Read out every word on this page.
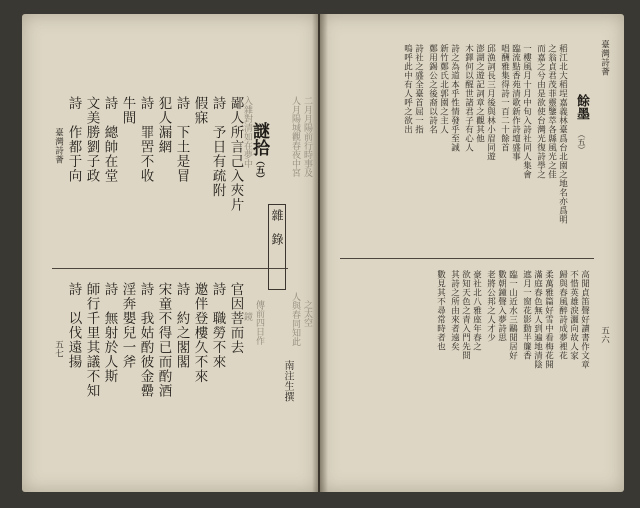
臺灣詩薈
五七
詩　作都于向 文美勝劉子政 詩　總帥在堂 牛間 詩　罪罟不收 犯人漏網 詩　下土是冒 假寐 詩　予日有疏附 鄙人所言己入夾片
詩　以伐遠揚 師行千里其議不知 詩　無射於人斯 淫奔嬰兒一斧 詩　我姑酌彼金罍 宋童不得已而酌酒 詩　約之閣閣 邀伴登樓久不來 詩　職勞不來 官因菩而去
謎拾（五）
雜錄
南注生撰
人月陽城觀春夜中宮 二月月陽前行時事及
入雜對清如在夢中
人與春同知此 之太空
鏡 傳前四日作
臺灣詩薈
五六
餘墨
（五）
稻江北大稻埕嘉義林臺爲台北園之地名亦爲明
之翁貞君茂菲靈鑒萃各縣風光之佳
而嘉之兮由是欲使台灣光復詩學之
一樓風月十月中旬入詩社同人集會
臨流點香苑清歌新作詩壇盛事
唱酬雅集得詩一百二十餘首
邱漁詞長三月後與林小眉同遊
澎湖之遊記詞章之觀其他
木鐸何以醒世諸君子有心人
詩之為道本乎性情發乎至誠
新竹鄭氏北郭園之主人
鄭用錫公之後裔以詩名
詩社之盛全臺首屈一指
嗚呼此中有人呼之欲出
高閒貞笛聲好讀書作文章
不惜英雄淚灑向故人家
歸與春風醉詩成夢裡花
柔萬雅篇好雪中看梅花開
滿庭春色無人到遍地清陰
遮月一窗花影動半簾香
臨一山近水三鷗閒居好
數朝鐘聲入夢詩思
老將公邦之人才少
豪社北八雅座年春之
欲知天色之青入門先問
其詩之所由來者遠矣
數見其不尋常時者也
